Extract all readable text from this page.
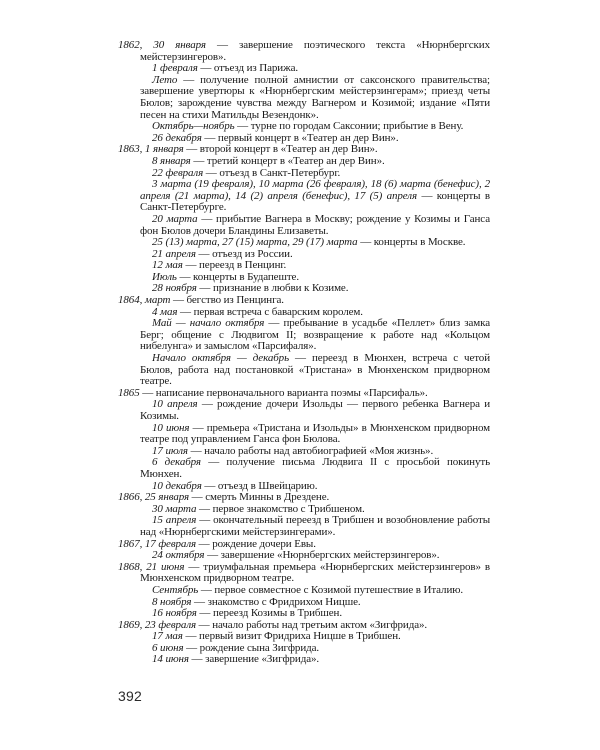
1862, 30 января — завершение поэтического текста «Нюрнбергских мейстерзингеров».
1 февраля — отъезд из Парижа.
Лето — получение полной амнистии от саксонского правительства; завершение увертюры к «Нюрнбергским мейстерзингерам»; приезд четы Бюлов; зарождение чувства между Вагнером и Козимой; издание «Пяти песен на стихи Матильды Везендонк».
Октябрь—ноябрь — турне по городам Саксонии; прибытие в Вену.
26 декабря — первый концерт в «Театер ан дер Вин».
1863, 1 января — второй концерт в «Театер ан дер Вин».
8 января — третий концерт в «Театер ан дер Вин».
22 февраля — отъезд в Санкт-Петербург.
3 марта (19 февраля), 10 марта (26 февраля), 18 (6) марта (бенефис), 2 апреля (21 марта), 14 (2) апреля (бенефис), 17 (5) апреля — концерты в Санкт-Петербурге.
20 марта — прибытие Вагнера в Москву; рождение у Козимы и Ганса фон Бюлов дочери Бландины Елизаветы.
25 (13) марта, 27 (15) марта, 29 (17) марта — концерты в Москве.
21 апреля — отъезд из России.
12 мая — переезд в Пенцинг.
Июль — концерты в Будапеште.
28 ноября — признание в любви к Козиме.
1864, март — бегство из Пенцинга.
4 мая — первая встреча с баварским королем.
Май — начало октября — пребывание в усадьбе «Пеллет» близ замка Берг; общение с Людвигом II; возвращение к работе над «Кольцом нибелунга» и замыслом «Парсифаля».
Начало октября — декабрь — переезд в Мюнхен, встреча с четой Бюлов, работа над постановкой «Тристана» в Мюнхенском придворном театре.
1865 — написание первоначального варианта поэмы «Парсифаль».
10 апреля — рождение дочери Изольды — первого ребенка Вагнера и Козимы.
10 июня — премьера «Тристана и Изольды» в Мюнхенском придворном театре под управлением Ганса фон Бюлова.
17 июля — начало работы над автобиографией «Моя жизнь».
6 декабря — получение письма Людвига II с просьбой покинуть Мюнхен.
10 декабря — отъезд в Швейцарию.
1866, 25 января — смерть Минны в Дрездене.
30 марта — первое знакомство с Трибшеном.
15 апреля — окончательный переезд в Трибшен и возобновление работы над «Нюрнбергскими мейстерзингерами».
1867, 17 февраля — рождение дочери Евы.
24 октября — завершение «Нюрнбергских мейстерзингеров».
1868, 21 июня — триумфальная премьера «Нюрнбергских мейстерзингеров» в Мюнхенском придворном театре.
Сентябрь — первое совместное с Козимой путешествие в Италию.
8 ноября — знакомство с Фридрихом Ницше.
16 ноября — переезд Козимы в Трибшен.
1869, 23 февраля — начало работы над третьим актом «Зигфрида».
17 мая — первый визит Фридриха Ницше в Трибшен.
6 июня — рождение сына Зигфрида.
14 июня — завершение «Зигфрида».
392
